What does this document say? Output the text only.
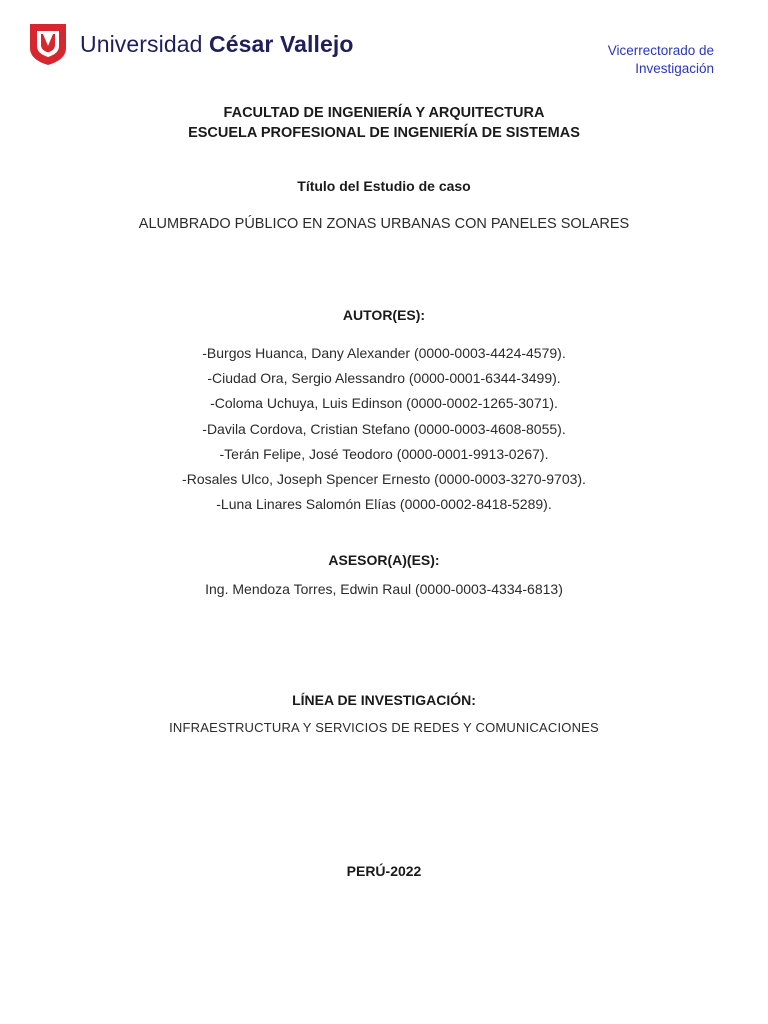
Universidad César Vallejo	Vicerrectorado de
Investigación
FACULTAD DE INGENIERÍA Y ARQUITECTURA
ESCUELA PROFESIONAL DE INGENIERÍA DE SISTEMAS
Título del Estudio de caso
ALUMBRADO PÚBLICO EN ZONAS URBANAS CON PANELES SOLARES
AUTOR(ES):
-Burgos Huanca, Dany Alexander (0000-0003-4424-4579).
-Ciudad Ora, Sergio Alessandro (0000-0001-6344-3499).
-Coloma Uchuya, Luis Edinson (0000-0002-1265-3071).
-Davila Cordova, Cristian Stefano (0000-0003-4608-8055).
-Terán Felipe, José Teodoro (0000-0001-9913-0267).
-Rosales Ulco, Joseph Spencer Ernesto (0000-0003-3270-9703).
-Luna Linares Salomón Elías (0000-0002-8418-5289).
ASESOR(A)(ES):
Ing. Mendoza Torres, Edwin Raul (0000-0003-4334-6813)
LÍNEA DE INVESTIGACIÓN:
INFRAESTRUCTURA Y SERVICIOS DE REDES Y COMUNICACIONES
PERÚ-2022
